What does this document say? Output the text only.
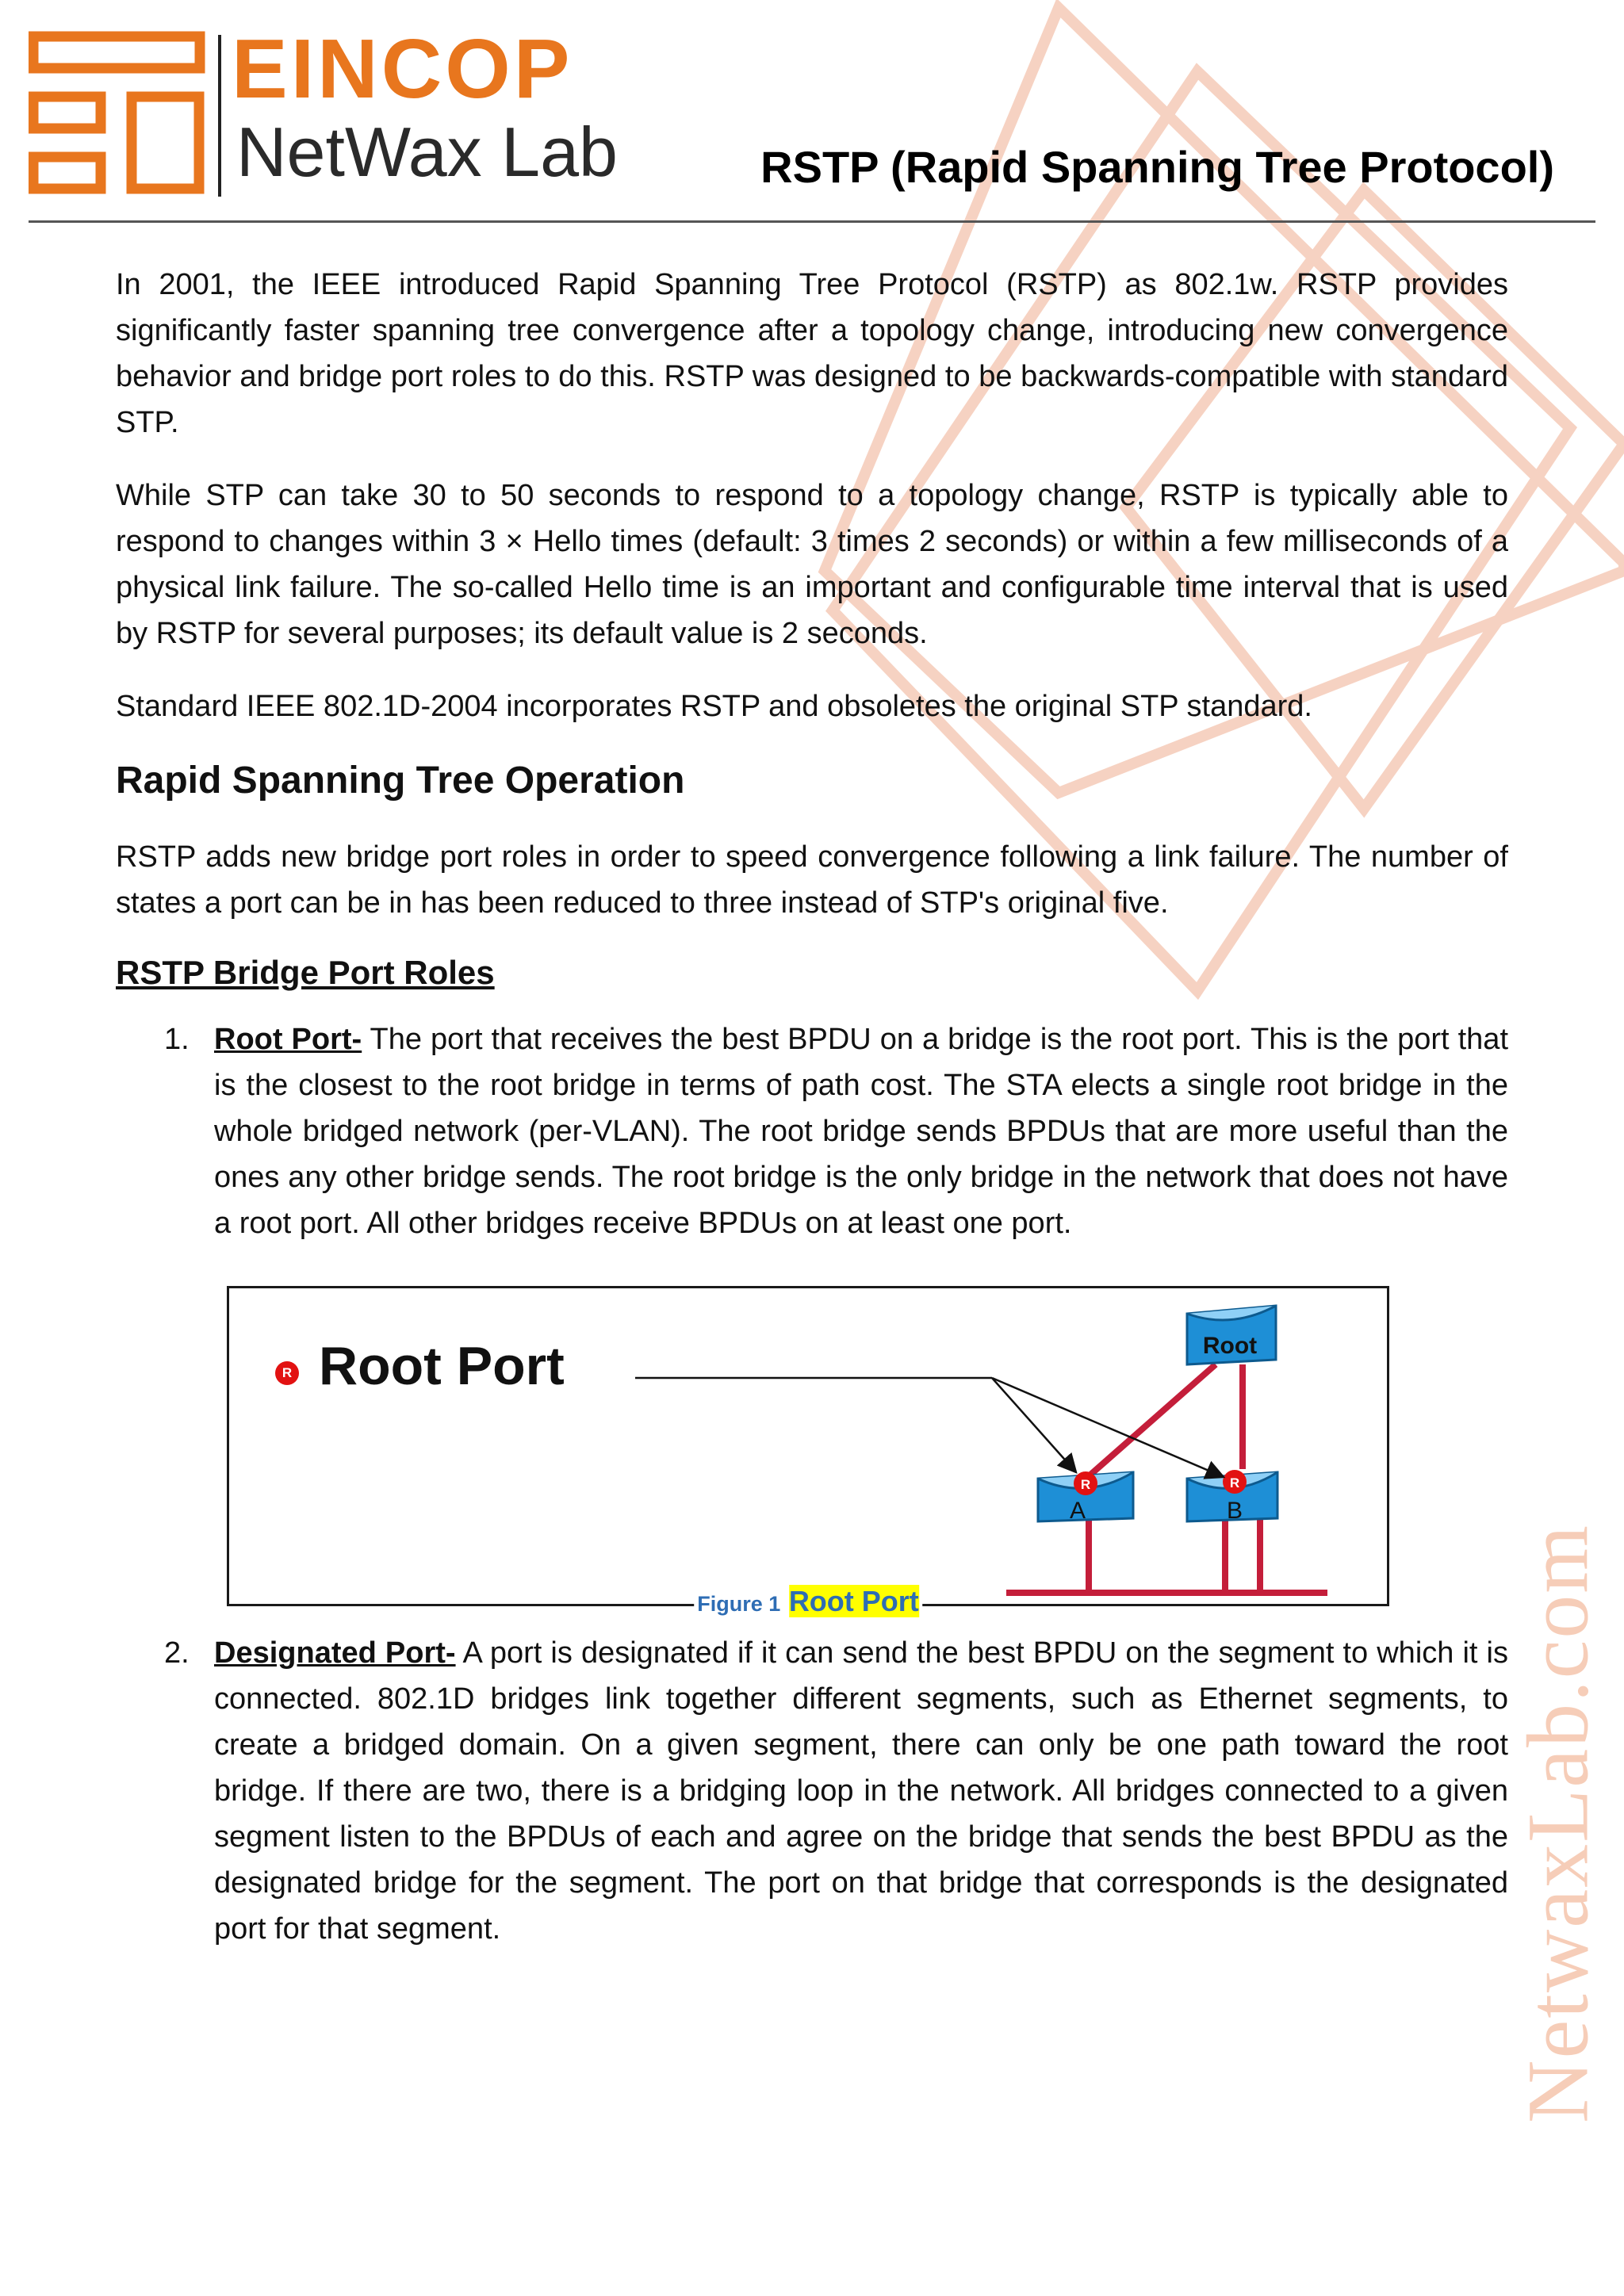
NetwaxLab.com
EINCOP
NetWax Lab	RSTP (Rapid Spanning Tree Protocol)

In 2001, the IEEE introduced Rapid Spanning Tree Protocol (RSTP) as 802.1w. RSTP provides significantly faster spanning tree convergence after a topology change, introducing new convergence behavior and bridge port roles to do this. RSTP was designed to be backwards-compatible with standard STP.

While STP can take 30 to 50 seconds to respond to a topology change, RSTP is typically able to respond to changes within 3 × Hello times (default: 3 times 2 seconds) or within a few milliseconds of a physical link failure. The so-called Hello time is an important and configurable time interval that is used by RSTP for several purposes; its default value is 2 seconds.

Standard IEEE 802.1D-2004 incorporates RSTP and obsoletes the original STP standard.

Rapid Spanning Tree Operation

RSTP adds new bridge port roles in order to speed convergence following a link failure. The number of states a port can be in has been reduced to three instead of STP's original five.

RSTP Bridge Port Roles
1. Root Port- The port that receives the best BPDU on a bridge is the root port. This is the port that is the closest to the root bridge in terms of path cost. The STA elects a single root bridge in the whole bridged network (per-VLAN). The root bridge sends BPDUs that are more useful than the ones any other bridge sends. The root bridge is the only bridge in the network that does not have a root port. All other bridges receive BPDUs on at least one port.
R Root Port	Root
A	B
R	R
Figure 1 Root Port
2. Designated Port- A port is designated if it can send the best BPDU on the segment to which it is connected. 802.1D bridges link together different segments, such as Ethernet segments, to create a bridged domain. On a given segment, there can only be one path toward the root bridge. If there are two, there is a bridging loop in the network. All bridges connected to a given segment listen to the BPDUs of each and agree on the bridge that sends the best BPDU as the designated bridge for the segment. The port on that bridge that corresponds is the designated port for that segment.
